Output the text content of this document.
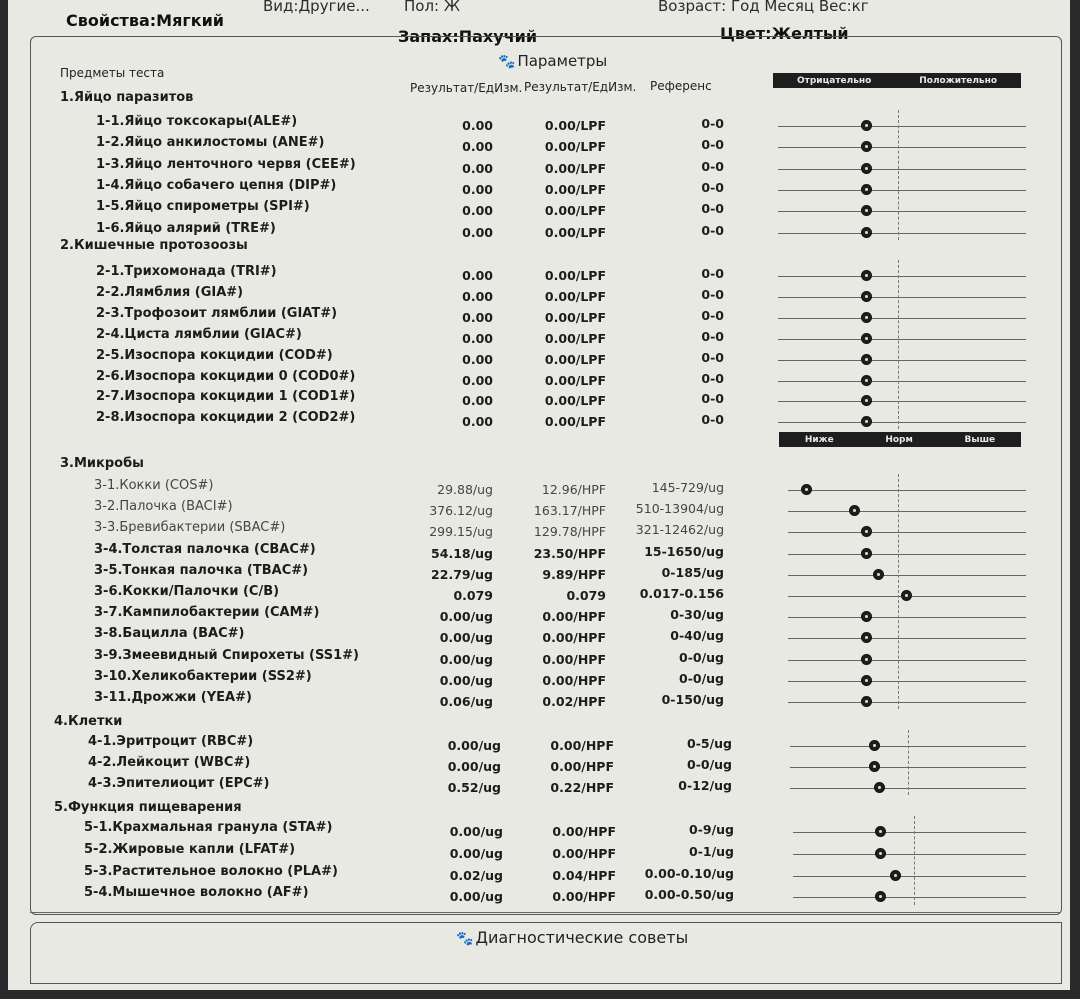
Вид:Другие... Пол: Ж	Возраст: Год Месяц Вес:кг
Свойства:Мягкий
Запах:Пахучий	Цвет:Желтый
🐾 Параметры
Предметы теста
Результат/ЕдИзм. Результат/ЕдИзм. Референс	Отрицательно	Положительно
Ниже	Норм	Выше
🐾 Диагностические советы
1.Яйцо паразитов
1-1.Яйцо токсокары(ALE#)	0.00	0.00/LPF	0-0
1-2.Яйцо анкилостомы (ANE#)	0.00	0.00/LPF	0-0
1-3.Яйцо ленточного червя (CEE#)	0.00	0.00/LPF	0-0
1-4.Яйцо собачего цепня (DIP#)	0.00	0.00/LPF	0-0
1-5.Яйцо спирометры (SPI#)	0.00	0.00/LPF	0-0
1-6.Яйцо алярий (TRE#)	0.00	0.00/LPF	0-0
2.Кишечные протозоозы
2-1.Трихомонада (TRI#)	0.00	0.00/LPF	0-0
2-2.Лямблия (GIA#)	0.00	0.00/LPF	0-0
2-3.Трофозоит лямблии (GIAT#)	0.00	0.00/LPF	0-0
2-4.Циста лямблии (GIAC#)	0.00	0.00/LPF	0-0
2-5.Изоспора кокцидии (COD#)	0.00	0.00/LPF	0-0
2-6.Изоспора кокцидии 0 (COD0#)	0.00	0.00/LPF	0-0
2-7.Изоспора кокцидии 1 (COD1#)	0.00	0.00/LPF	0-0
2-8.Изоспора кокцидии 2 (COD2#)	0.00	0.00/LPF	0-0
3.Микробы
3-1.Кокки (COS#)	29.88/ug	12.96/HPF	145-729/ug
3-2.Палочка (BACI#)	376.12/ug	163.17/HPF	510-13904/ug
3-3.Бревибактерии (SBAC#)	299.15/ug	129.78/HPF	321-12462/ug
3-4.Толстая палочка (CBAC#)	54.18/ug	23.50/HPF	15-1650/ug
3-5.Тонкая палочка (TBAC#)	22.79/ug	9.89/HPF	0-185/ug
3-6.Кокки/Палочки (C/B)	0.079	0.079	0.017-0.156
3-7.Кампилобактерии (CAM#)	0.00/ug	0.00/HPF	0-30/ug
3-8.Бацилла (BAC#)	0.00/ug	0.00/HPF	0-40/ug
3-9.Змеевидный Спирохеты (SS1#)	0.00/ug	0.00/HPF	0-0/ug
3-10.Хеликобактерии (SS2#)	0.00/ug	0.00/HPF	0-0/ug
3-11.Дрожжи (YEA#)	0.06/ug	0.02/HPF	0-150/ug
4.Клетки
4-1.Эритроцит (RBC#)	0.00/ug	0.00/HPF	0-5/ug
4-2.Лейкоцит (WBC#)	0.00/ug	0.00/HPF	0-0/ug
4-3.Эпителиоцит (EPC#)	0.52/ug	0.22/HPF	0-12/ug
5.Функция пищеварения
5-1.Крахмальная гранула (STA#)	0.00/ug	0.00/HPF	0-9/ug
5-2.Жировые капли (LFAT#)	0.00/ug	0.00/HPF	0-1/ug
5-3.Растительное волокно (PLA#)	0.02/ug	0.04/HPF	0.00-0.10/ug
5-4.Мышечное волокно (AF#)	0.00/ug	0.00/HPF	0.00-0.50/ug
